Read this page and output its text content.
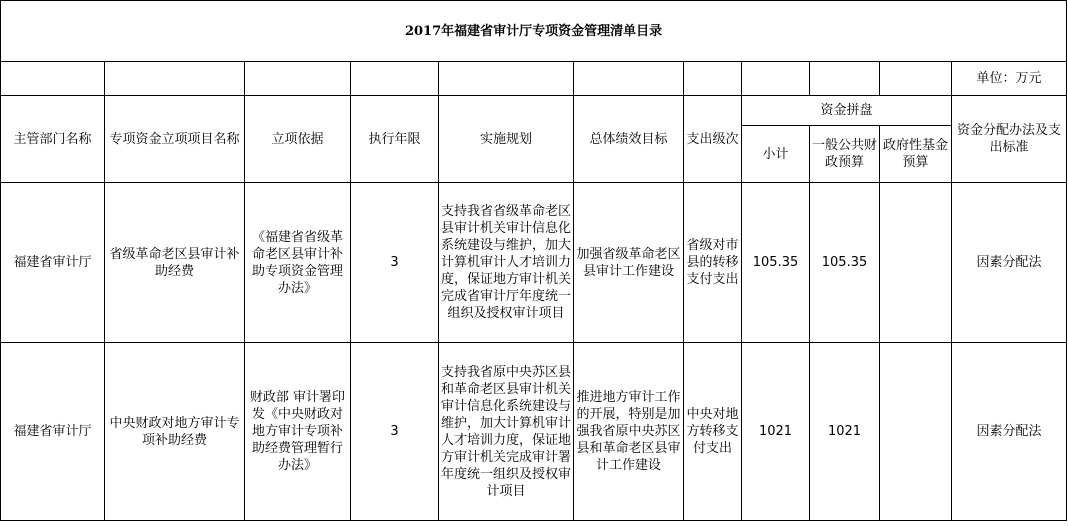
2017年福建省审计厅专项资金管理清单目录										
										单位：万元
主管部门名称	专项资金立项项目名称	立项依据	执行年限	实施规划	总体绩效目标	支出级次	资金拼盘			资金分配办法及支出标准
							小计	一般公共财政预算	政府性基金预算	
福建省审计厅	省级革命老区县审计补助经费	《福建省省级革命老区县审计补助专项资金管理办法》	3	支持我省省级革命老区县审计机关审计信息化系统建设与维护，加大计算机审计人才培训力度，保证地方审计机关完成省审计厅年度统一组织及授权审计项目	加强省级革命老区县审计工作建设	省级对市县的转移支付支出	105.35	105.35		因素分配法
福建省审计厅	中央财政对地方审计专项补助经费	财政部 审计署印发《中央财政对地方审计专项补助经费管理暂行办法》	3	支持我省原中央苏区县和革命老区县审计机关审计信息化系统建设与维护，加大计算机审计人才培训力度，保证地方审计机关完成审计署年度统一组织及授权审计项目	推进地方审计工作的开展，特别是加强我省原中央苏区县和革命老区县审计工作建设	中央对地方转移支付支出	1021	1021		因素分配法
